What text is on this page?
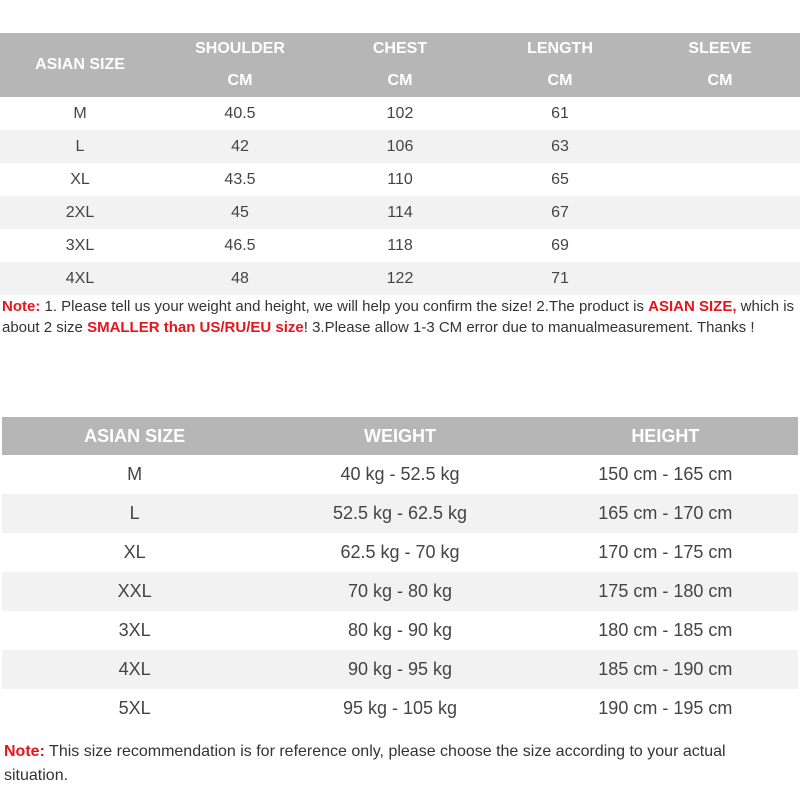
ASIAN SIZE	SHOULDER	CHEST	LENGTH	SLEEVE
	CM	CM	CM	CM
M	40.5	102	61	
L	42	106	63	
XL	43.5	110	65	
2XL	45	114	67	
3XL	46.5	118	69	
4XL	48	122	71	
Note: 1. Please tell us your weight and height, we will help you confirm the size! 2.The product is ASIAN SIZE, which is about 2 size SMALLER than US/RU/EU size! 3.Please allow 1-3 CM error due to manualmeasurement. Thanks !
ASIAN SIZE	WEIGHT	HEIGHT
M	40 kg - 52.5 kg	150 cm - 165 cm
L	52.5 kg - 62.5 kg	165 cm - 170 cm
XL	62.5 kg - 70 kg	170 cm - 175 cm
XXL	70 kg - 80 kg	175 cm - 180 cm
3XL	80 kg - 90 kg	180 cm - 185 cm
4XL	90 kg - 95 kg	185 cm - 190 cm
5XL	95 kg - 105 kg	190 cm - 195 cm
Note: This size recommendation is for reference only, please choose the size according to your actual situation.
